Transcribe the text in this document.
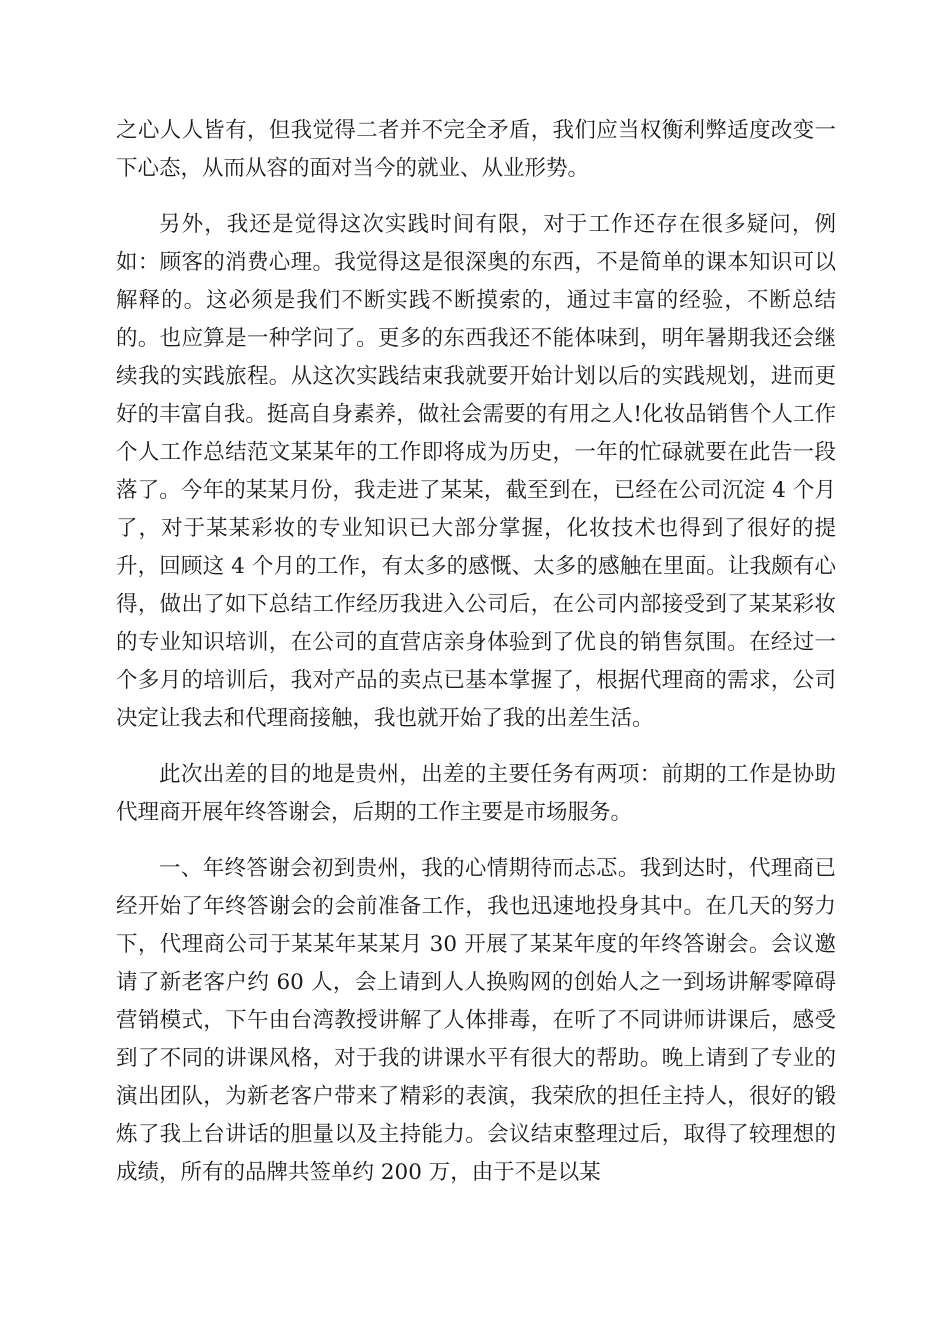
之心人人皆有，但我觉得二者并不完全矛盾，我们应当权衡利弊适度改变一下心态，从而从容的面对当今的就业、从业形势。

另外，我还是觉得这次实践时间有限，对于工作还存在很多疑问，例如：顾客的消费心理。我觉得这是很深奥的东西，不是简单的课本知识可以解释的。这必须是我们不断实践不断摸索的，通过丰富的经验，不断总结的。也应算是一种学问了。更多的东西我还不能体味到，明年暑期我还会继续我的实践旅程。从这次实践结束我就要开始计划以后的实践规划，进而更好的丰富自我。挺高自身素养，做社会需要的有用之人!化妆品销售个人工作个人工作总结范文某某年的工作即将成为历史，一年的忙碌就要在此告一段落了。今年的某某月份，我走进了某某，截至到在，已经在公司沉淀 4 个月了，对于某某彩妆的专业知识已大部分掌握，化妆技术也得到了很好的提升，回顾这 4 个月的工作，有太多的感慨、太多的感触在里面。让我颇有心得，做出了如下总结工作经历我进入公司后，在公司内部接受到了某某彩妆的专业知识培训，在公司的直营店亲身体验到了优良的销售氛围。在经过一个多月的培训后，我对产品的卖点已基本掌握了，根据代理商的需求，公司决定让我去和代理商接触，我也就开始了我的出差生活。

此次出差的目的地是贵州，出差的主要任务有两项：前期的工作是协助代理商开展年终答谢会，后期的工作主要是市场服务。

一、年终答谢会初到贵州，我的心情期待而忐忑。我到达时，代理商已经开始了年终答谢会的会前准备工作，我也迅速地投身其中。在几天的努力下，代理商公司于某某年某某月 30 开展了某某年度的年终答谢会。会议邀请了新老客户约 60 人，会上请到人人换购网的创始人之一到场讲解零障碍营销模式，下午由台湾教授讲解了人体排毒，在听了不同讲师讲课后，感受到了不同的讲课风格，对于我的讲课水平有很大的帮助。晚上请到了专业的演出团队，为新老客户带来了精彩的表演，我荣欣的担任主持人，很好的锻炼了我上台讲话的胆量以及主持能力。会议结束整理过后，取得了较理想的成绩，所有的品牌共签单约 200 万，由于不是以某
